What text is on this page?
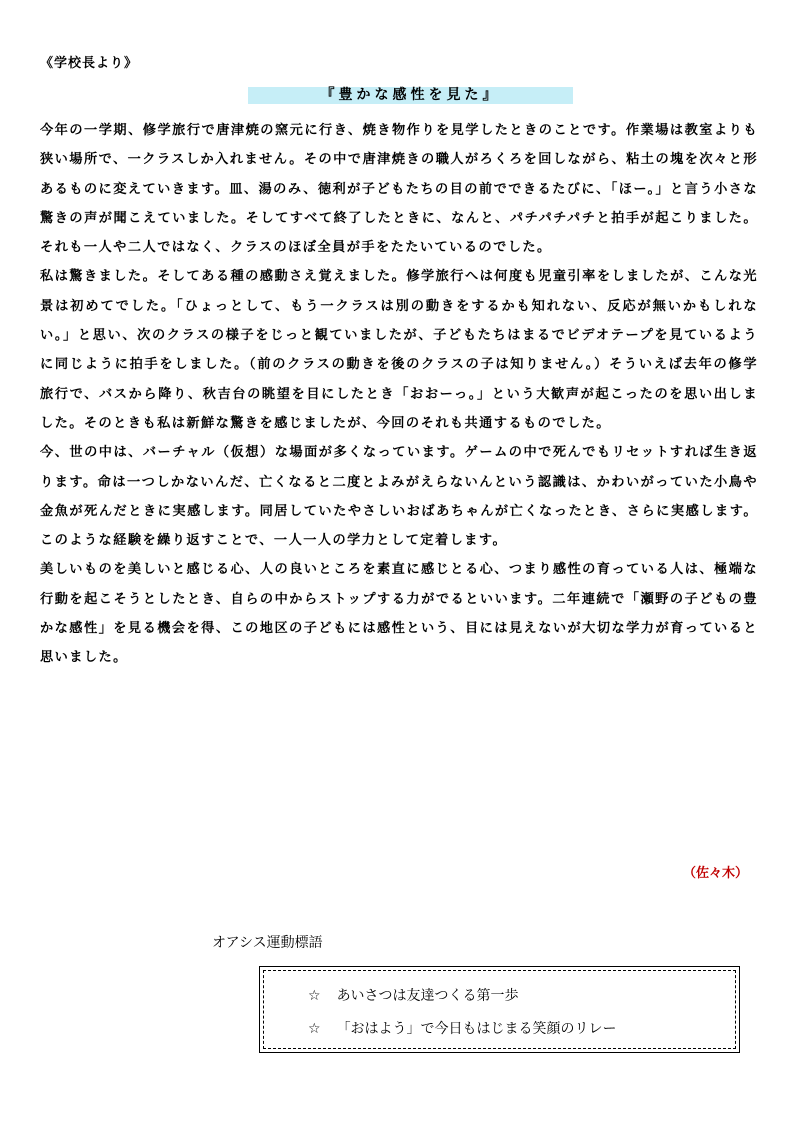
《学校長より》
『豊かな感性を見た』

今年の一学期、修学旅行で唐津焼の窯元に行き、焼き物作りを見学したときのことです。作業場は教室よりも狭い場所で、一クラスしか入れません。その中で唐津焼きの職人がろくろを回しながら、粘土の塊を次々と形あるものに変えていきます。皿、湯のみ、徳利が子どもたちの目の前でできるたびに、「ほー。」と言う小さな驚きの声が聞こえていました。そしてすべて終了したときに、なんと、パチパチパチと拍手が起こりました。それも一人や二人ではなく、クラスのほぼ全員が手をたたいているのでした。

私は驚きました。そしてある種の感動さえ覚えました。修学旅行へは何度も児童引率をしましたが、こんな光景は初めてでした。「ひょっとして、もう一クラスは別の動きをするかも知れない、反応が無いかもしれない。」と思い、次のクラスの様子をじっと観ていましたが、子どもたちはまるでビデオテープを見ているように同じように拍手をしました。（前のクラスの動きを後のクラスの子は知りません。）そういえば去年の修学旅行で、バスから降り、秋吉台の眺望を目にしたとき「おおーっ。」という大歓声が起こったのを思い出しました。そのときも私は新鮮な驚きを感じましたが、今回のそれも共通するものでした。

今、世の中は、バーチャル（仮想）な場面が多くなっています。ゲームの中で死んでもリセットすれば生き返ります。命は一つしかないんだ、亡くなると二度とよみがえらないんという認識は、かわいがっていた小鳥や金魚が死んだときに実感します。同居していたやさしいおばあちゃんが亡くなったとき、さらに実感します。このような経験を繰り返すことで、一人一人の学力として定着します。

美しいものを美しいと感じる心、人の良いところを素直に感じとる心、つまり感性の育っている人は、極端な行動を起こそうとしたとき、自らの中からストップする力がでるといいます。二年連続で「瀬野の子どもの豊かな感性」を見る機会を得、この地区の子どもには感性という、目には見えないが大切な学力が育っていると思いました。

（佐々木）
オアシス運動標語
☆ あいさつは友達つくる第一歩
☆ 「おはよう」で今日もはじまる笑顔のリレー
